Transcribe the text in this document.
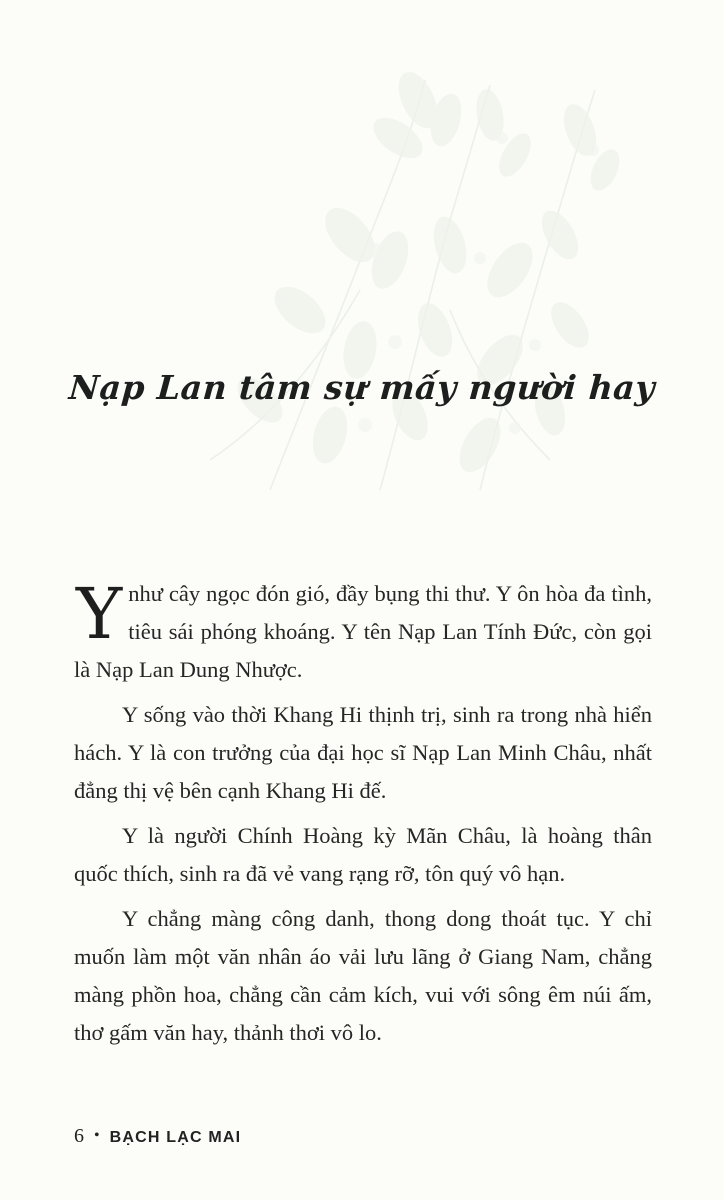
Nạp Lan tâm sự mấy người hay

Ynhư cây ngọc đón gió, đầy bụng thi thư. Y ôn hòa đa tình, tiêu sái phóng khoáng. Y tên Nạp Lan Tính Đức, còn gọi là Nạp Lan Dung Nhược.

Y sống vào thời Khang Hi thịnh trị, sinh ra trong nhà hiển hách. Y là con trưởng của đại học sĩ Nạp Lan Minh Châu, nhất đẳng thị vệ bên cạnh Khang Hi đế.

Y là người Chính Hoàng kỳ Mãn Châu, là hoàng thân quốc thích, sinh ra đã vẻ vang rạng rỡ, tôn quý vô hạn.

Y chẳng màng công danh, thong dong thoát tục. Y chỉ muốn làm một văn nhân áo vải lưu lãng ở Giang Nam, chẳng màng phồn hoa, chẳng cần cảm kích, vui với sông êm núi ấm, thơ gấm văn hay, thảnh thơi vô lo.

6 • BẠCH LẠC MAI
